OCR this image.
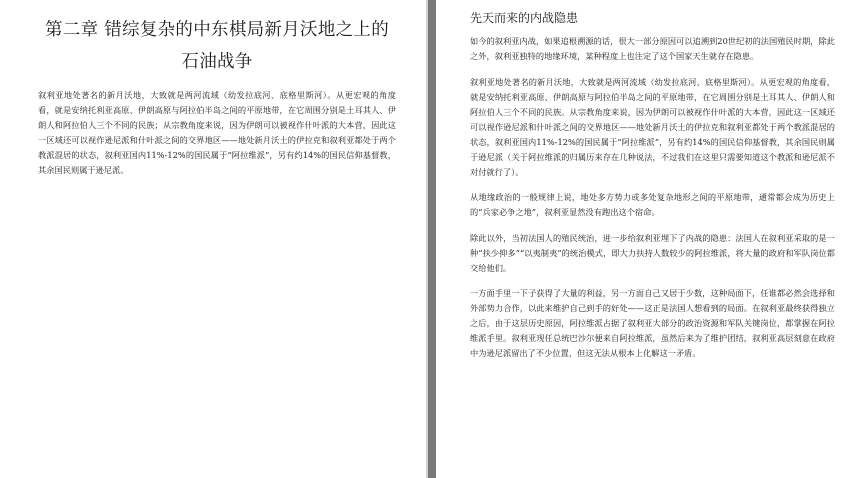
第二章 错综复杂的中东棋局新月沃地之上的石油战争

叙利亚地处著名的新月沃地，大致就是两河流域（幼发拉底河、底格里斯河）。从更宏观的角度看，就是安纳托利亚高原、伊朗高原与阿拉伯半岛之间的平原地带，在它周围分别是土耳其人、伊朗人和阿拉伯人三个不同的民族；从宗教角度来说，因为伊朗可以被视作什叶派的大本营，因此这一区域还可以视作逊尼派和什叶派之间的交界地区——地处新月沃土的伊拉克和叙利亚都处于两个教派混居的状态，叙利亚国内11%-12%的国民属于“阿拉维派”，另有约14%的国民信仰基督教，其余国民则属于逊尼派。

先天而来的内战隐患

如今的叙利亚内战，如果追根溯源的话，很大一部分原因可以追溯到20世纪初的法国殖民时期，除此之外，叙利亚独特的地缘环境，某种程度上也注定了这个国家天生就存在隐患。

叙利亚地处著名的新月沃地，大致就是两河流域（幼发拉底河、底格里斯河）。从更宏观的角度看，就是安纳托利亚高原、伊朗高原与阿拉伯半岛之间的平原地带，在它周围分别是土耳其人、伊朗人和阿拉伯人三个不同的民族。从宗教角度来说，因为伊朗可以被视作什叶派的大本营，因此这一区域还可以视作逊尼派和什叶派之间的交界地区——地处新月沃土的伊拉克和叙利亚都处于两个教派混居的状态，叙利亚国内11%-12%的国民属于“阿拉维派”，另有约14%的国民信仰基督教，其余国民则属于逊尼派（关于阿拉维派的归属历来存在几种说法，不过我们在这里只需要知道这个教派和逊尼派不对付就行了）。

从地缘政治的一般规律上说，地处多方势力或多处复杂地形之间的平原地带，通常都会成为历史上的“兵家必争之地”，叙利亚显然没有跑出这个宿命。

除此以外，当初法国人的殖民统治，进一步给叙利亚埋下了内战的隐患：法国人在叙利亚采取的是一种“扶少抑多”“以夷制夷”的统治模式，即大力扶持人数较少的阿拉维派，将大量的政府和军队岗位都交给他们。

一方面手里一下子获得了大量的利益，另一方面自己又居于少数，这种局面下，任谁都必然会选择和外部势力合作，以此来维护自己到手的好处——这正是法国人想看到的局面。在叙利亚最终获得独立之后，由于这层历史原因，阿拉维派占据了叙利亚大部分的政治资源和军队关键岗位，都掌握在阿拉维派手里。叙利亚现任总统巴沙尔便来自阿拉维派，虽然后来为了维护团结，叙利亚高层刻意在政府中为逊尼派留出了不少位置，但这无法从根本上化解这一矛盾。
